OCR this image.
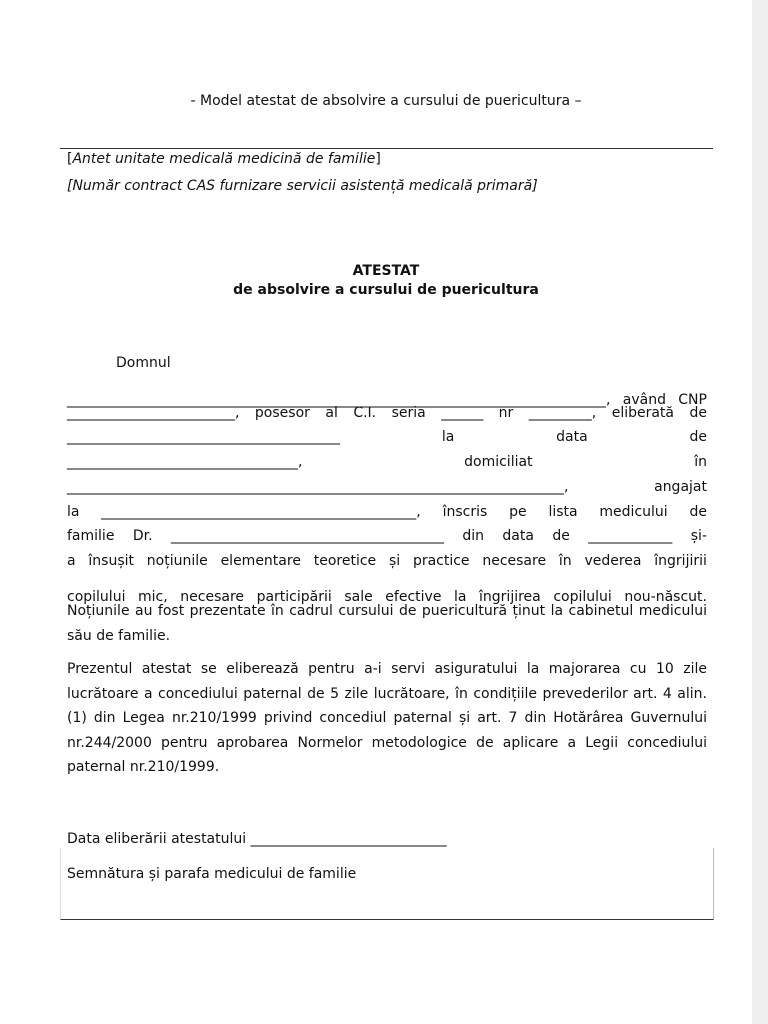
- Model atestat de absolvire a cursului de puericultura –
[Antet unitate medicală medicină de familie]
[Număr contract CAS furnizare servicii asistență medicală primară]
ATESTAT
de absolvire a cursului de puericultura
Domnul
_____________________________________________________________________________, având CNP
________________________, posesor al C.I. seria ______ nr _________, eliberată de
_______________________________________	la	data	de
_________________________________,	domiciliat	în
_______________________________________________________________________,	angajat
la _____________________________________________, înscris pe lista medicului de
familie Dr. _______________________________________ din data de ____________ și-
a însușit noțiunile elementare teoretice și practice necesare în vederea îngrijirii
copilului mic, necesare participării sale efective la îngrijirea copilului nou-născut.
Noțiunile au fost prezentate în cadrul cursului de puericultură ținut la cabinetul medicului său de familie.
Prezentul atestat se eliberează pentru a-i servi asiguratului la majorarea cu 10 zile lucrătoare a concediului paternal de 5 zile lucrătoare, în condițiile prevederilor art. 4 alin. (1) din Legea nr.210/1999 privind concediul paternal și art. 7 din Hotărârea Guvernului nr.244/2000 pentru aprobarea Normelor metodologice de aplicare a Legii concediului paternal nr.210/1999.
Data eliberării atestatului ____________________________
Semnătura și parafa medicului de familie
